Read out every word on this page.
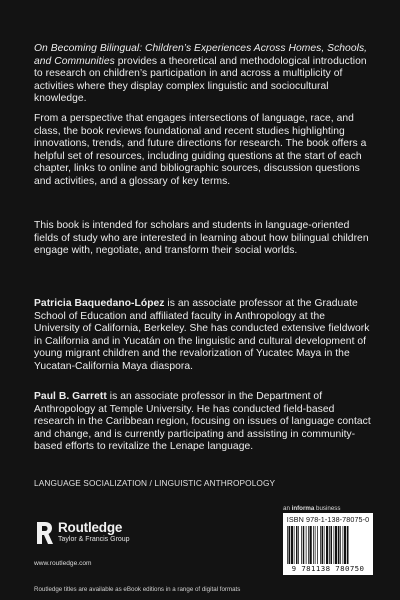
On Becoming Bilingual: Children’s Experiences Across Homes, Schools, and Communities provides a theoretical and methodological introduction to research on children’s participation in and across a multiplicity of activities where they display complex linguistic and sociocultural knowledge.

From a perspective that engages intersections of language, race, and class, the book reviews foundational and recent studies highlighting innovations, trends, and future directions for research. The book offers a helpful set of resources, including guiding questions at the start of each chapter, links to online and bibliographic sources, discussion questions and activities, and a glossary of key terms.

This book is intended for scholars and students in language-oriented fields of study who are interested in learning about how bilingual children engage with, negotiate, and transform their social worlds.

Patricia Baquedano-López is an associate professor at the Graduate School of Education and affiliated faculty in Anthropology at the University of California, Berkeley. She has conducted extensive fieldwork in California and in Yucatán on the linguistic and cultural development of young migrant children and the revalorization of Yucatec Maya in the Yucatan-California Maya diaspora.

Paul B. Garrett is an associate professor in the Department of Anthropology at Temple University. He has conducted field-based research in the Caribbean region, focusing on issues of language contact and change, and is currently participating and assisting in community-based efforts to revitalize the Lenape language.

LANGUAGE SOCIALIZATION / LINGUISTIC ANTHROPOLOGY
an informa business
Routledge
Taylor & Francis Group
www.routledge.com
ISBN 978-1-138-78075-0
9 781138 780750
Routledge titles are available as eBook editions in a range of digital formats
